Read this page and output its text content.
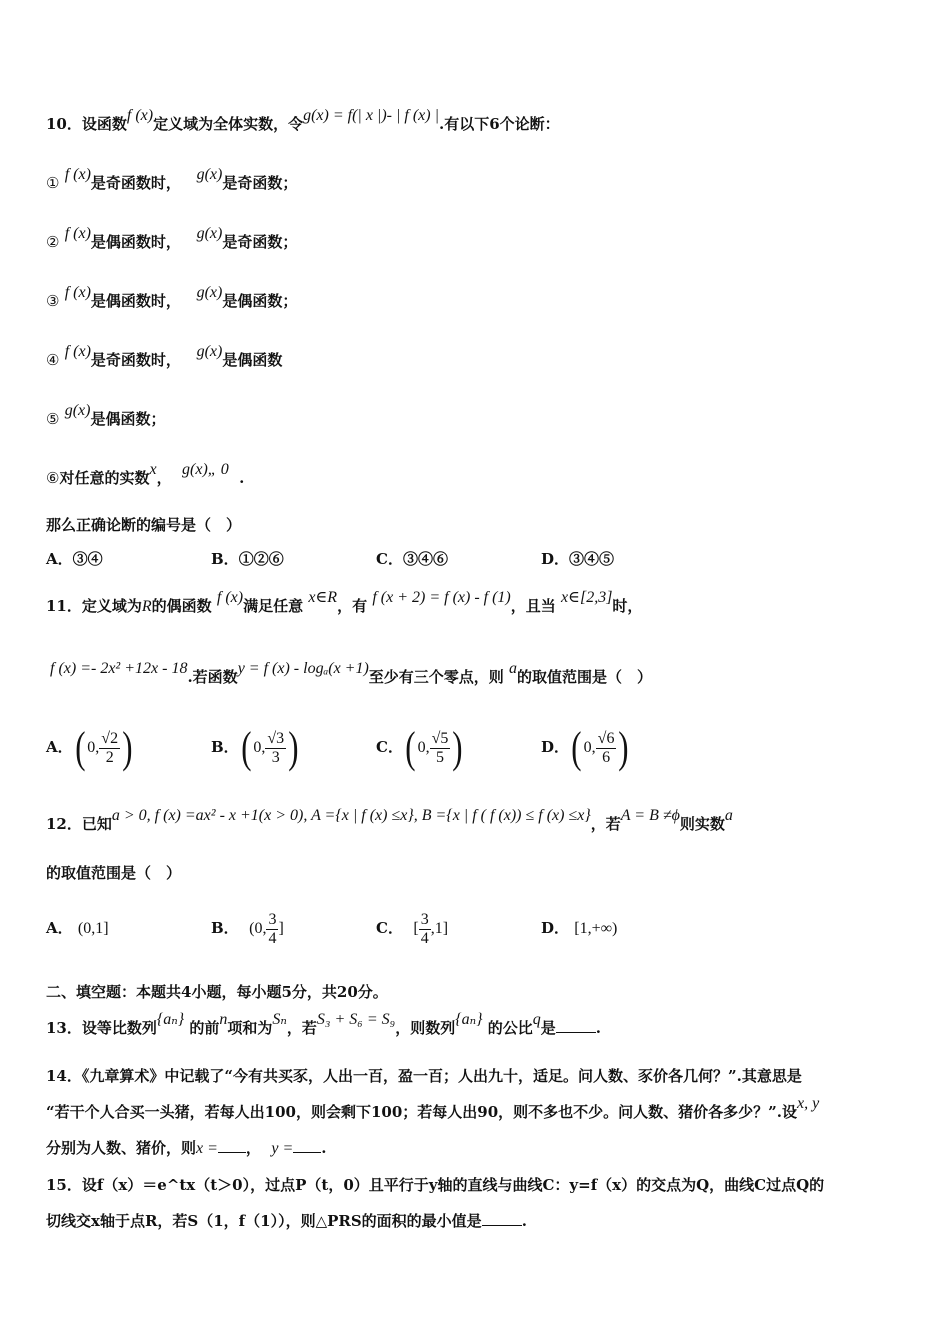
10．设函数f (x)定义域为全体实数，令g(x) = f(| x |)- | f (x) |.有以下6个论断：
① f (x)是奇函数时， g(x)是奇函数；
② f (x)是偶函数时， g(x)是奇函数；
③ f (x)是偶函数时， g(x)是偶函数；
④ f (x)是奇函数时， g(x)是偶函数
⑤ g(x)是偶函数；
⑥对任意的实数x， g(x)„ 0 .
那么正确论断的编号是（　）
A．③④	B．①②⑥	C．③④⑥	D．③④⑤
11．定义域为R的偶函数 f (x)满足任意 x∈R，有 f (x + 2) = f (x) - f (1)，且当 x∈[2,3]时，
f (x) =- 2x² +12x - 18.若函数y = f (x) - logₐ(x +1)至少有三个零点，则 a的取值范围是（　）
A．( 0, $\frac{√2}{2}$ )	B．( 0, $\frac{√3}{3}$ )	C．( 0, $\frac{√5}{5}$ )	D．( 0, $\frac{√6}{6}$ )
12．已知a > 0, f (x) =ax² - x +1(x > 0), A ={x | f (x) ≤x}, B ={x | f ( f (x)) ≤ f (x) ≤x}，若A = B ≠ϕ则实数a
的取值范围是（　）
A． (0,1]	B． (0, $\frac{3}{4}$ ]	C． [ $\frac{3}{4} ,1$]	D． [1,+∞)
二、填空题：本题共4小题，每小题5分，共20分。
13．设等比数列{aₙ} 的前n项和为Sₙ，若S₃ + S₆ = S₉，则数列{aₙ} 的公比q是	.
14．《九章算术》中记载了“今有共买豕，人出一百，盈一百；人出九十，适足。问人数、豕价各几何？”.其意思是
“若干个人合买一头猪，若每人出100，则会剩下100；若每人出90，则不多也不少。问人数、猪价各多少？”.设x, y
分别为人数、猪价，则x = ， y = .
15．设f（x）＝e^tx（t＞0），过点P（t，0）且平行于y轴的直线与曲线C：y=f（x）的交点为Q，曲线C过点Q的
切线交x轴于点R，若S（1，f（1）），则△PRS的面积的最小值是	.
